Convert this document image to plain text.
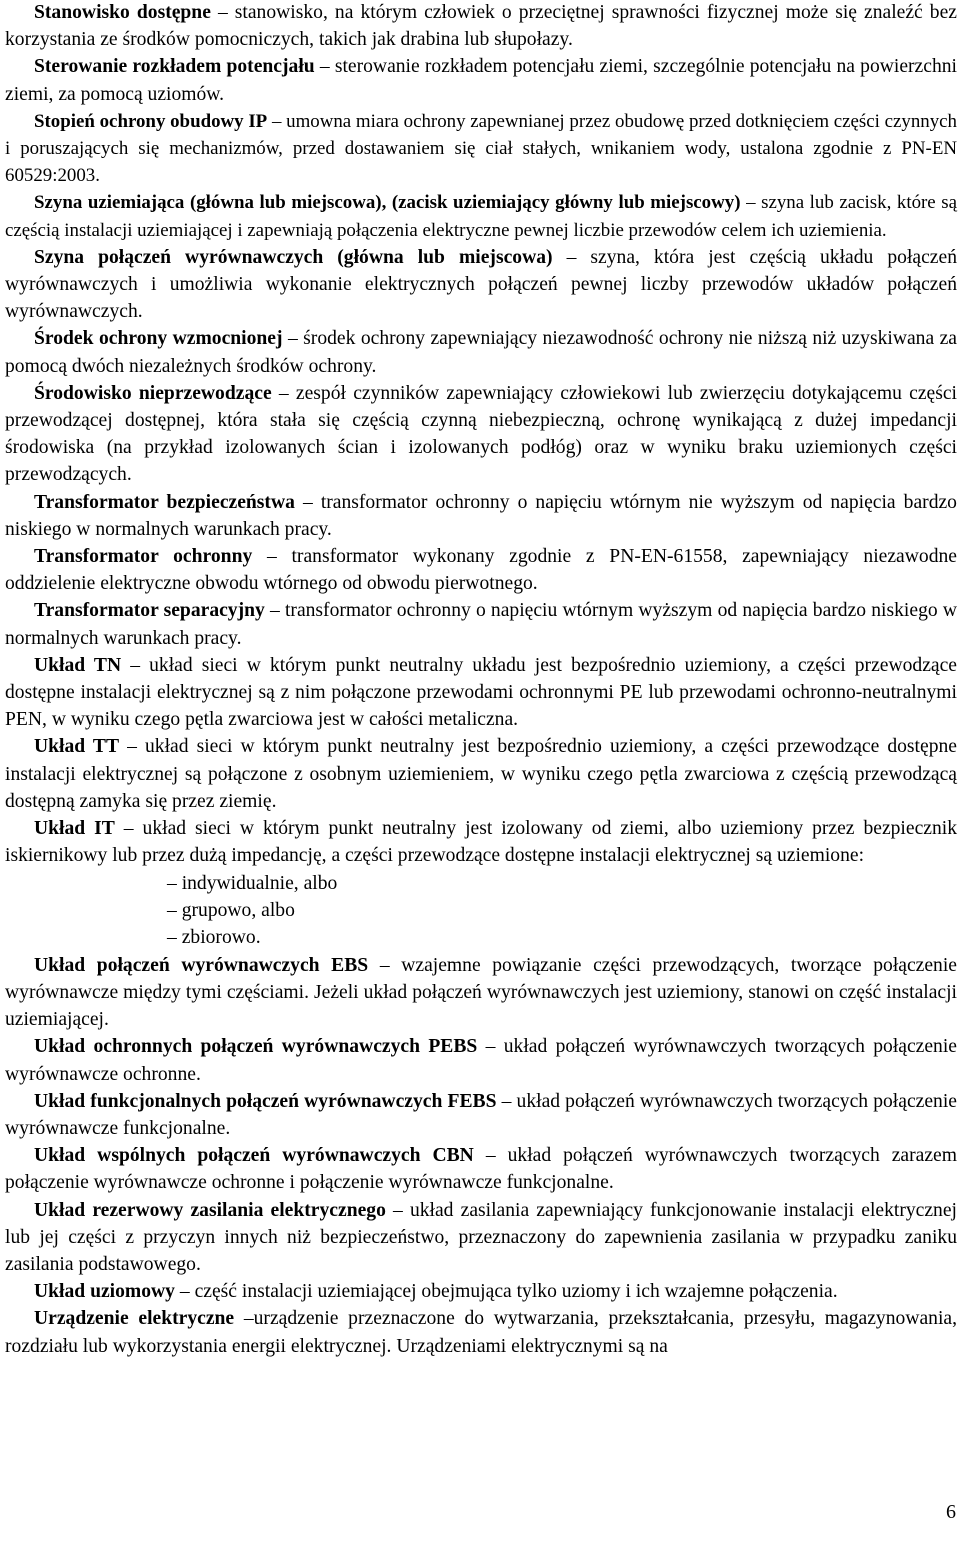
Stanowisko dostępne – stanowisko, na którym człowiek o przeciętnej sprawności fizycznej może się znaleźć bez korzystania ze środków pomocniczych, takich jak drabina lub słupołazy.

Sterowanie rozkładem potencjału – sterowanie rozkładem potencjału ziemi, szczególnie potencjału na powierzchni ziemi, za pomocą uziomów.

Stopień ochrony obudowy IP – umowna miara ochrony zapewnianej przez obudowę przed dotknięciem części czynnych i poruszających się mechanizmów, przed dostawaniem się ciał stałych, wnikaniem wody, ustalona zgodnie z PN-EN 60529:2003.

Szyna uziemiająca (główna lub miejscowa), (zacisk uziemiający główny lub miejscowy) – szyna lub zacisk, które są częścią instalacji uziemiającej i zapewniają połączenia elektryczne pewnej liczbie przewodów celem ich uziemienia.

Szyna połączeń wyrównawczych (główna lub miejscowa) – szyna, która jest częścią układu połączeń wyrównawczych i umożliwia wykonanie elektrycznych połączeń pewnej liczby przewodów układów połączeń wyrównawczych.

Środek ochrony wzmocnionej – środek ochrony zapewniający niezawodność ochrony nie niższą niż uzyskiwana za pomocą dwóch niezależnych środków ochrony.

Środowisko nieprzewodzące – zespół czynników zapewniający człowiekowi lub zwierzęciu dotykającemu części przewodzącej dostępnej, która stała się częścią czynną niebezpieczną, ochronę wynikającą z dużej impedancji środowiska (na przykład izolowanych ścian i izolowanych podłóg) oraz w wyniku braku uziemionych części przewodzących.

Transformator bezpieczeństwa – transformator ochronny o napięciu wtórnym nie wyższym od napięcia bardzo niskiego w normalnych warunkach pracy.

Transformator ochronny – transformator wykonany zgodnie z PN-EN-61558, zapewniający niezawodne oddzielenie elektryczne obwodu wtórnego od obwodu pierwotnego.

Transformator separacyjny – transformator ochronny o napięciu wtórnym wyższym od napięcia bardzo niskiego w normalnych warunkach pracy.

Układ TN – układ sieci w którym punkt neutralny układu jest bezpośrednio uziemiony, a części przewodzące dostępne instalacji elektrycznej są z nim połączone przewodami ochronnymi PE lub przewodami ochronno-neutralnymi PEN, w wyniku czego pętla zwarciowa jest w całości metaliczna.

Układ TT – układ sieci w którym punkt neutralny jest bezpośrednio uziemiony, a części przewodzące dostępne instalacji elektrycznej są połączone z osobnym uziemieniem, w wyniku czego pętla zwarciowa z częścią przewodzącą dostępną zamyka się przez ziemię.

Układ IT – układ sieci w którym punkt neutralny jest izolowany od ziemi, albo uziemiony przez bezpiecznik iskiernikowy lub przez dużą impedancję, a części przewodzące dostępne instalacji elektrycznej są uziemione:

– indywidualnie, albo
– grupowo, albo
– zbiorowo.

Układ połączeń wyrównawczych EBS – wzajemne powiązanie części przewodzących, tworzące połączenie wyrównawcze między tymi częściami. Jeżeli układ połączeń wyrównawczych jest uziemiony, stanowi on część instalacji uziemiającej.

Układ ochronnych połączeń wyrównawczych PEBS – układ połączeń wyrównawczych tworzących połączenie wyrównawcze ochronne.

Układ funkcjonalnych połączeń wyrównawczych FEBS – układ połączeń wyrównawczych tworzących połączenie wyrównawcze funkcjonalne.

Układ wspólnych połączeń wyrównawczych CBN – układ połączeń wyrównawczych tworzących zarazem połączenie wyrównawcze ochronne i połączenie wyrównawcze funkcjonalne.

Układ rezerwowy zasilania elektrycznego – układ zasilania zapewniający funkcjonowanie instalacji elektrycznej lub jej części z przyczyn innych niż bezpieczeństwo, przeznaczony do zapewnienia zasilania w przypadku zaniku zasilania podstawowego.

Układ uziomowy – część instalacji uziemiającej obejmująca tylko uziomy i ich wzajemne połączenia.

Urządzenie elektryczne –urządzenie przeznaczone do wytwarzania, przekształcania, przesyłu, magazynowania, rozdziału lub wykorzystania energii elektrycznej. Urządzeniami elektrycznymi są na

6
